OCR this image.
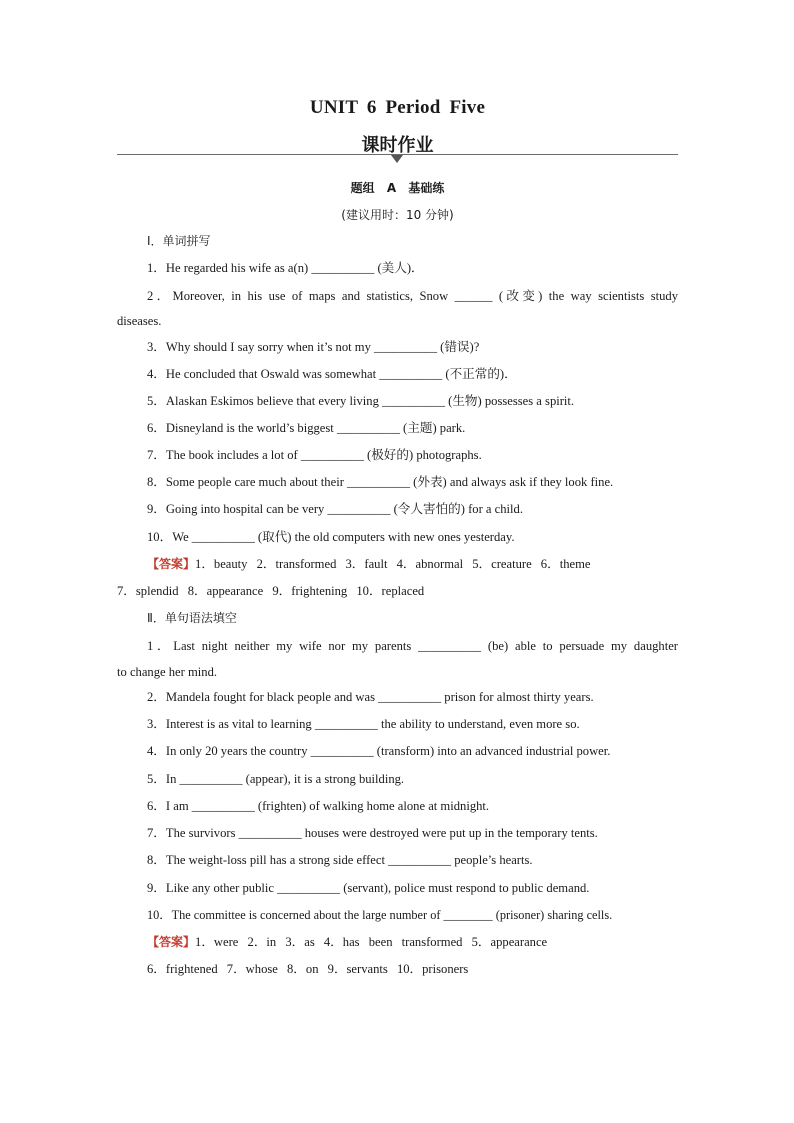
UNIT 6 Period Five
课时作业
题组 A 基础练
(建议用时：10 分钟)
Ⅰ．单词拼写
1．He regarded his wife as a(n) __________ (美人)．
2．Moreover, in his use of maps and statistics, Snow ______ (改变) the way scientists study
diseases.
3．Why should I say sorry when it’s not my __________ (错误)?
4．He concluded that Oswald was somewhat __________ (不正常的)．
5．Alaskan Eskimos believe that every living __________ (生物) possesses a spirit.
6．Disneyland is the world’s biggest __________ (主题) park.
7．The book includes a lot of __________ (极好的) photographs.
8．Some people care much about their __________ (外表) and always ask if they look fine.
9．Going into hospital can be very __________ (令人害怕的) for a child.
10．We __________ (取代) the old computers with new ones yesterday.
【答案】1．beauty 2．transformed 3．fault 4．abnormal 5．creature 6．theme
7．splendid 8．appearance 9．frightening 10．replaced
Ⅱ．单句语法填空
1．Last night neither my wife nor my parents __________ (be) able to persuade my daughter
to change her mind.
2．Mandela fought for black people and was __________ prison for almost thirty years.
3．Interest is as vital to learning __________ the ability to understand, even more so.
4．In only 20 years the country __________ (transform) into an advanced industrial power.
5．In __________ (appear), it is a strong building.
6．I am __________ (frighten) of walking home alone at midnight.
7．The survivors __________ houses were destroyed were put up in the temporary tents.
8．The weight-loss pill has a strong side effect __________ people’s hearts.
9．Like any other public __________ (servant), police must respond to public demand.
10．The committee is concerned about the large number of ________ (prisoner) sharing cells.
【答案】1．were 2．in 3．as 4．has been transformed 5．appearance
6．frightened 7．whose 8．on 9．servants 10．prisoners
